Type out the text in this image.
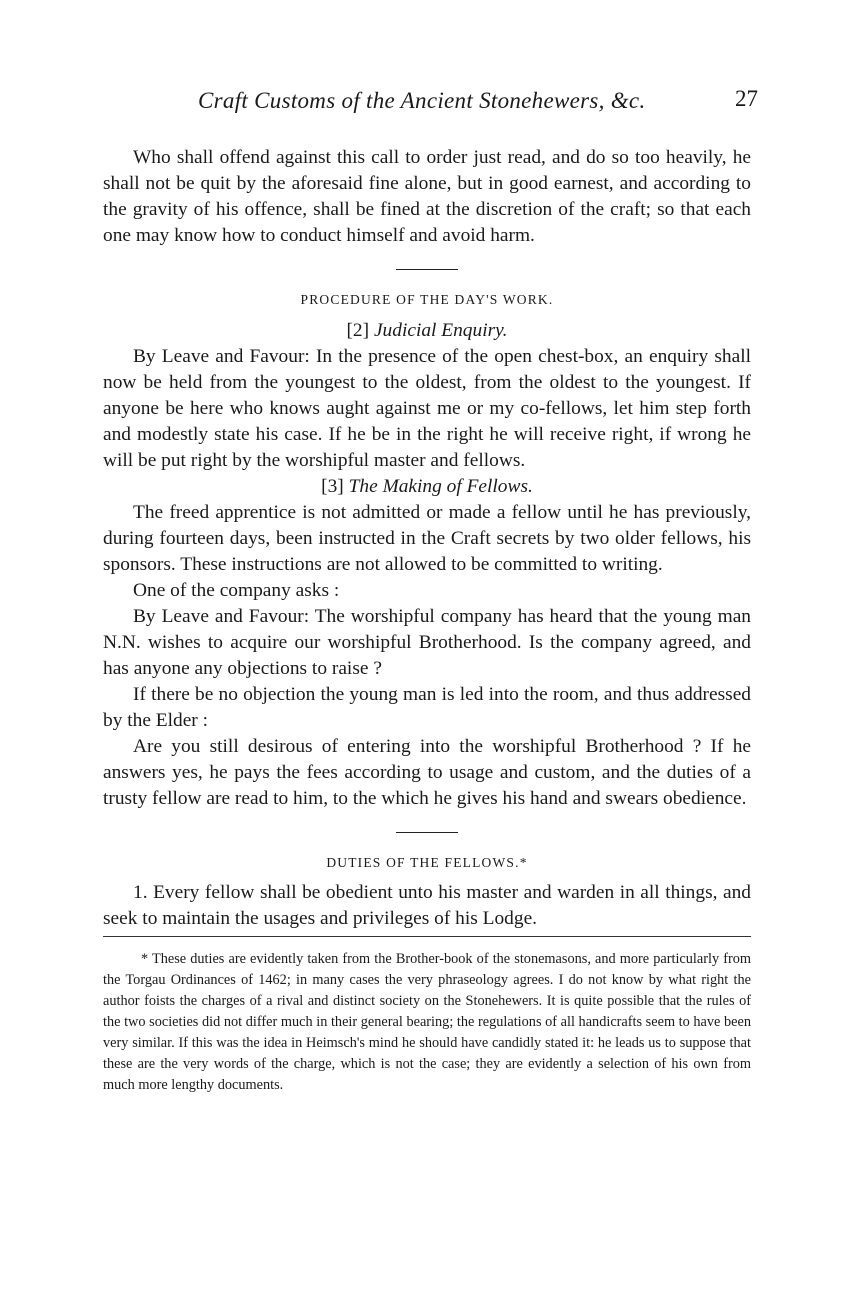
Craft Customs of the Ancient Stonehewers, &c.	27

Who shall offend against this call to order just read, and do so too heavily, he shall not be quit by the aforesaid fine alone, but in good earnest, and according to the gravity of his offence, shall be fined at the discretion of the craft; so that each one may know how to conduct himself and avoid harm.

PROCEDURE OF THE DAY'S WORK.
[2] Judicial Enquiry.

By Leave and Favour: In the presence of the open chest-box, an enquiry shall now be held from the youngest to the oldest, from the oldest to the youngest. If anyone be here who knows aught against me or my co-fellows, let him step forth and modestly state his case. If he be in the right he will receive right, if wrong he will be put right by the worshipful master and fellows.

[3] The Making of Fellows.

The freed apprentice is not admitted or made a fellow until he has previously, during fourteen days, been instructed in the Craft secrets by two older fellows, his sponsors. These instructions are not allowed to be committed to writing.

One of the company asks :

By Leave and Favour: The worshipful company has heard that the young man N.N. wishes to acquire our worshipful Brotherhood. Is the company agreed, and has anyone any objections to raise ?

If there be no objection the young man is led into the room, and thus addressed by the Elder :

Are you still desirous of entering into the worshipful Brotherhood ? If he answers yes, he pays the fees according to usage and custom, and the duties of a trusty fellow are read to him, to the which he gives his hand and swears obedience.

DUTIES OF THE FELLOWS.*

1. Every fellow shall be obedient unto his master and warden in all things, and seek to maintain the usages and privileges of his Lodge.

* These duties are evidently taken from the Brother-book of the stonemasons, and more particularly from the Torgau Ordinances of 1462; in many cases the very phraseology agrees. I do not know by what right the author foists the charges of a rival and distinct society on the Stonehewers. It is quite possible that the rules of the two societies did not differ much in their general bearing; the regulations of all handicrafts seem to have been very similar. If this was the idea in Heimsch's mind he should have candidly stated it: he leads us to suppose that these are the very words of the charge, which is not the case; they are evidently a selection of his own from much more lengthy documents.
